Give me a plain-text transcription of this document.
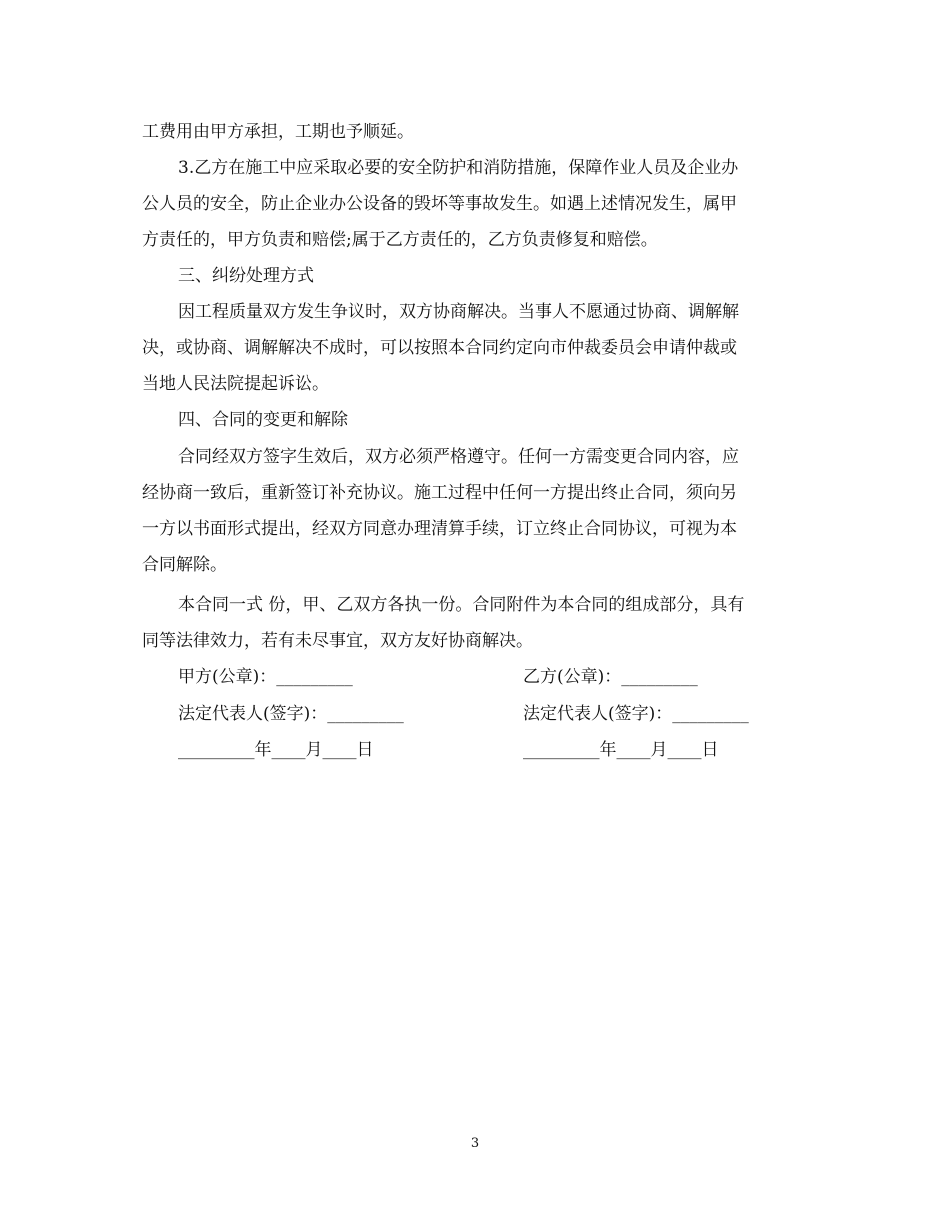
工费用由甲方承担，工期也予顺延。
3.乙方在施工中应采取必要的安全防护和消防措施，保障作业人员及企业办
公人员的安全，防止企业办公设备的毁坏等事故发生。如遇上述情况发生，属甲
方责任的，甲方负责和赔偿;属于乙方责任的，乙方负责修复和赔偿。
三、纠纷处理方式
因工程质量双方发生争议时，双方协商解决。当事人不愿通过协商、调解解
决，或协商、调解解决不成时，可以按照本合同约定向市仲裁委员会申请仲裁或
当地人民法院提起诉讼。
四、合同的变更和解除
合同经双方签字生效后，双方必须严格遵守。任何一方需变更合同内容，应
经协商一致后，重新签订补充协议。施工过程中任何一方提出终止合同，须向另
一方以书面形式提出，经双方同意办理清算手续，订立终止合同协议，可视为本
合同解除。
本合同一式 份，甲、乙双方各执一份。合同附件为本合同的组成部分，具有
同等法律效力，若有未尽事宜，双方友好协商解决。
甲方(公章)：_________	乙方(公章)：_________
法定代表人(签字)：_________	法定代表人(签字)：_________
_________年____月____日	_________年____月____日
3
